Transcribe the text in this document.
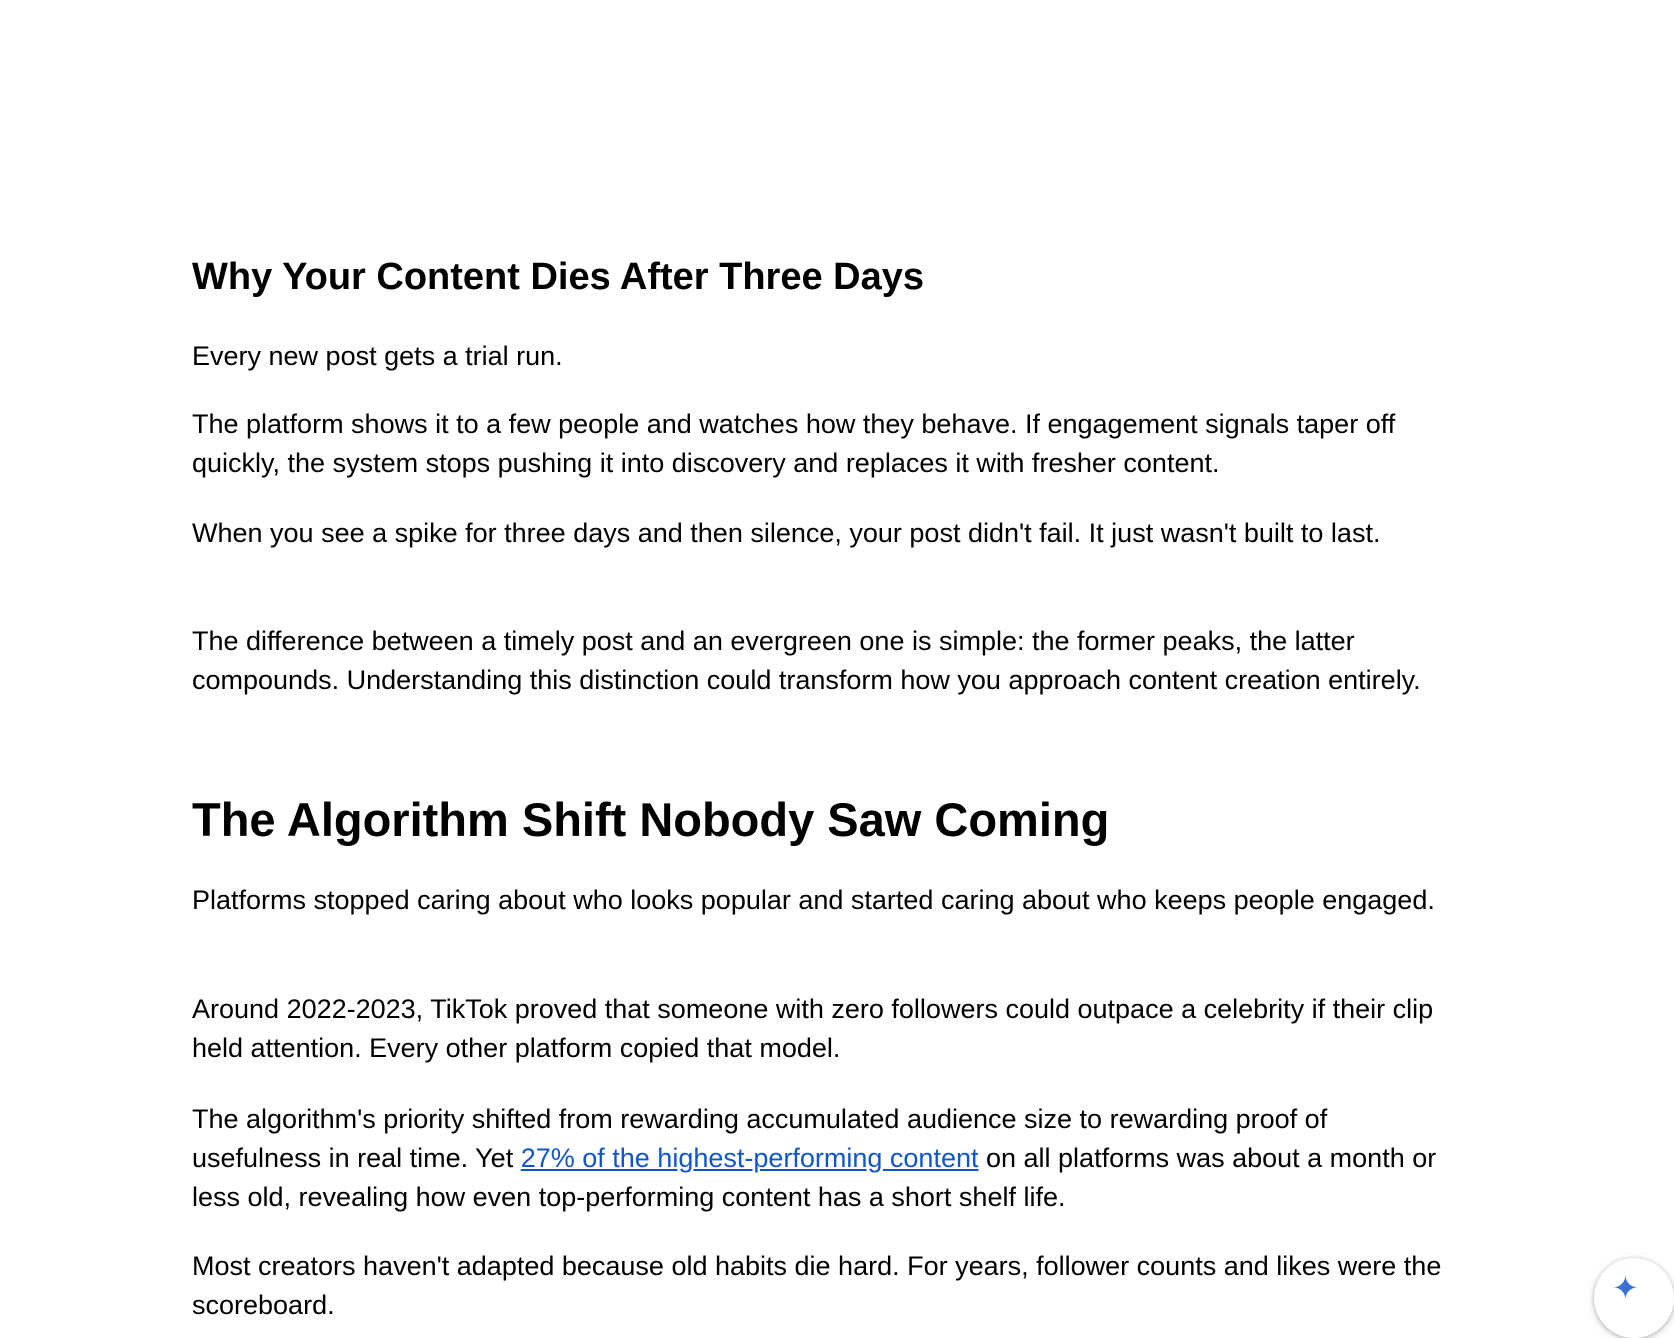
Why Your Content Dies After Three Days

Every new post gets a trial run.

The platform shows it to a few people and watches how they behave. If engagement signals taper off quickly, the system stops pushing it into discovery and replaces it with fresher content.

When you see a spike for three days and then silence, your post didn't fail. It just wasn't built to last.

The difference between a timely post and an evergreen one is simple: the former peaks, the latter compounds. Understanding this distinction could transform how you approach content creation entirely.

The Algorithm Shift Nobody Saw Coming

Platforms stopped caring about who looks popular and started caring about who keeps people engaged.

Around 2022-2023, TikTok proved that someone with zero followers could outpace a celebrity if their clip held attention. Every other platform copied that model.

The algorithm's priority shifted from rewarding accumulated audience size to rewarding proof of usefulness in real time. Yet 27% of the highest-performing content on all platforms was about a month or less old, revealing how even top-performing content has a short shelf life.

Most creators haven't adapted because old habits die hard. For years, follower counts and likes were the scoreboard.	✦
